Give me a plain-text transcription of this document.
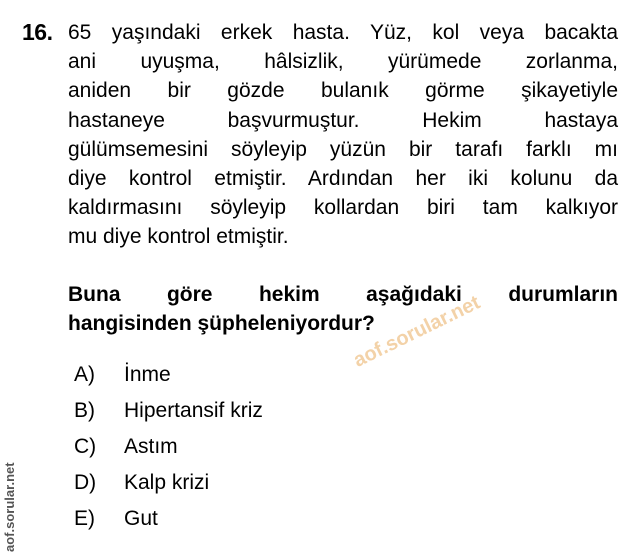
16. 65 yaşındaki erkek hasta. Yüz, kol veya bacakta
ani uyuşma, hâlsizlik, yürümede zorlanma,
aniden bir gözde bulanık görme şikayetiyle
hastaneye başvurmuştur. Hekim hastaya
gülümsemesini söyleyip yüzün bir tarafı farklı mı
diye kontrol etmiştir. Ardından her iki kolunu da
kaldırmasını söyleyip kollardan biri tam kalkıyor
mu diye kontrol etmiştir.
Buna göre hekim aşağıdaki durumların
hangisinden şüpheleniyordur?
A)	İnme
B)	Hipertansif kriz
C)	Astım
D)	Kalp krizi
E)	Gut
aof.sorular.net
aof.sorular.net
